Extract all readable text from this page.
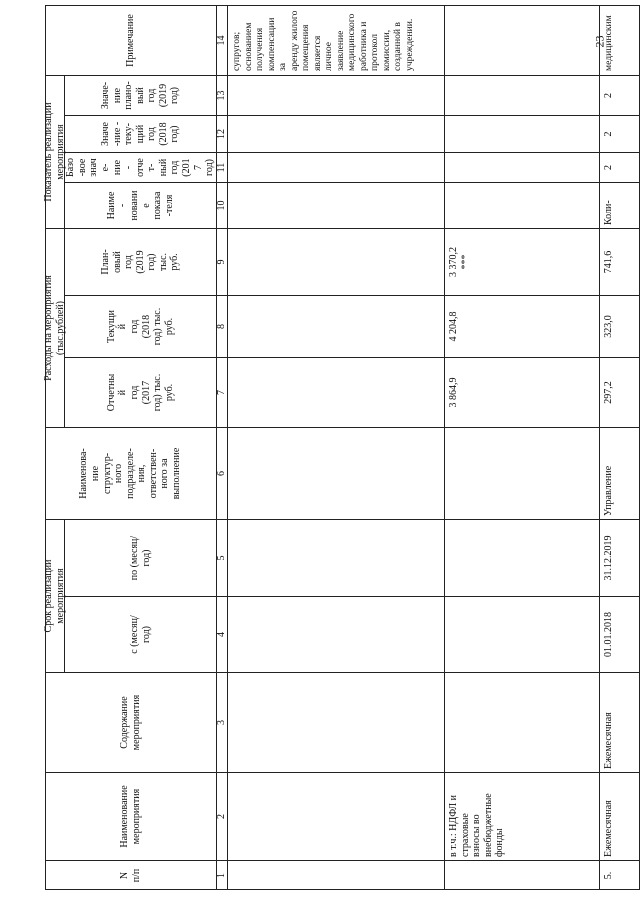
23
N
п/п
Наименование
мероприятия
Содержание
мероприятия
Наименова-
ние
структур-
ного
подразделе-
ния,
ответствен-
ного за
выполнение
Примечание
Срок реализации
мероприятия
Расходы на мероприятия
(тыс.рублей)
Показатель реализации мероприятия
с (месяц/
год)
по (месяц/
год)
Отчетны
й
год
(2017
год) тыс.
руб.
Текущи
й
год
(2018
год) тыс.
руб.
План-
овый
год
(2019
год)
тыс.
руб.
Наиме
-
новани
е
показа
-теля
Базо
-вое
знач
е-
ние
-
отче
т-
ный
год
(201
7
год)
Значе
-ние -
теку-
щий
год
(2018
год)
Значе-
ние
плано-
вый
год
(2019
год)
1
2
3
4
5
6
7
8
9
10
11
12
13
14 супругов;
основанием
получения
компенсации за
аренду жилого
помещения
является личное
заявление
медицинского
работника и
протокол
комиссии,
созданной в
учреждении.
в т.ч.: НДФЛ и
страховые
взносы во
внебюджетные
фонды
3 864,9
4 204,8
3 370,2
***
5.
Ежемесячная
Ежемесячная
01.01.2018
31.12.2019
Управление
297,2
323,0
741,6
Коли-
2
2
2
медицинским
